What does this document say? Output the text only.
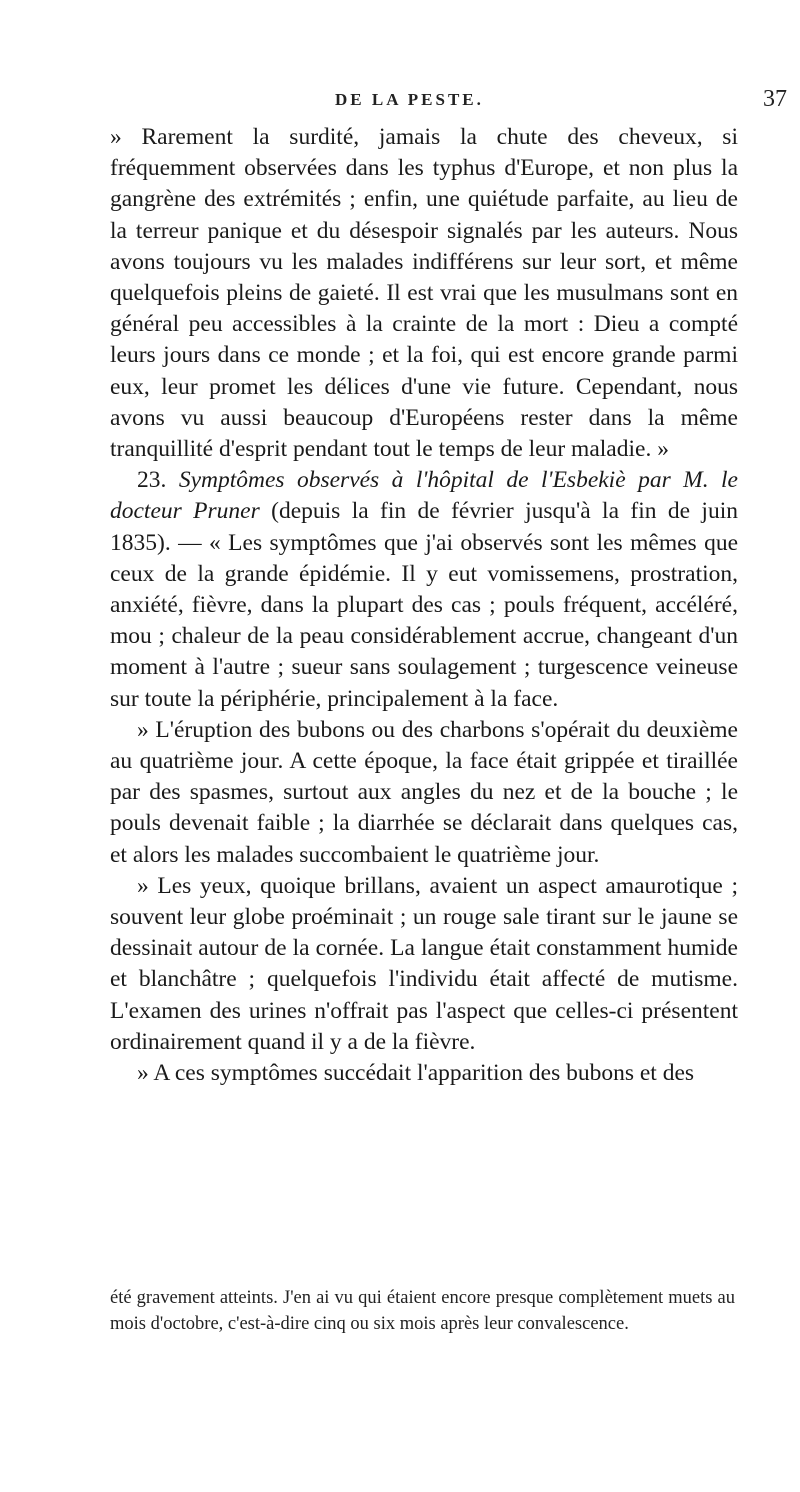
DE LA PESTE.	37

» Rarement la surdité, jamais la chute des cheveux, si fréquemment observées dans les typhus d'Europe, et non plus la gangrène des extrémités ; enfin, une quiétude parfaite, au lieu de la terreur panique et du désespoir signalés par les auteurs. Nous avons toujours vu les malades indifférens sur leur sort, et même quelquefois pleins de gaieté. Il est vrai que les musulmans sont en général peu accessibles à la crainte de la mort : Dieu a compté leurs jours dans ce monde ; et la foi, qui est encore grande parmi eux, leur promet les délices d'une vie future. Cependant, nous avons vu aussi beaucoup d'Européens rester dans la même tranquillité d'esprit pendant tout le temps de leur maladie. »

23. Symptômes observés à l'hôpital de l'Esbekiè par M. le docteur Pruner (depuis la fin de février jusqu'à la fin de juin 1835). — « Les symptômes que j'ai observés sont les mêmes que ceux de la grande épidémie. Il y eut vomissemens, prostration, anxiété, fièvre, dans la plupart des cas ; pouls fréquent, accéléré, mou ; chaleur de la peau considérablement accrue, changeant d'un moment à l'autre ; sueur sans soulagement ; turgescence veineuse sur toute la périphérie, principalement à la face.

» L'éruption des bubons ou des charbons s'opérait du deuxième au quatrième jour. A cette époque, la face était grippée et tiraillée par des spasmes, surtout aux angles du nez et de la bouche ; le pouls devenait faible ; la diarrhée se déclarait dans quelques cas, et alors les malades succombaient le quatrième jour.

» Les yeux, quoique brillans, avaient un aspect amaurotique ; souvent leur globe proéminait ; un rouge sale tirant sur le jaune se dessinait autour de la cornée. La langue était constamment humide et blanchâtre ; quelquefois l'individu était affecté de mutisme. L'examen des urines n'offrait pas l'aspect que celles-ci présentent ordinairement quand il y a de la fièvre.

» A ces symptômes succédait l'apparition des bubons et des

été gravement atteints. J'en ai vu qui étaient encore presque complètement muets au mois d'octobre, c'est-à-dire cinq ou six mois après leur convalescence.
